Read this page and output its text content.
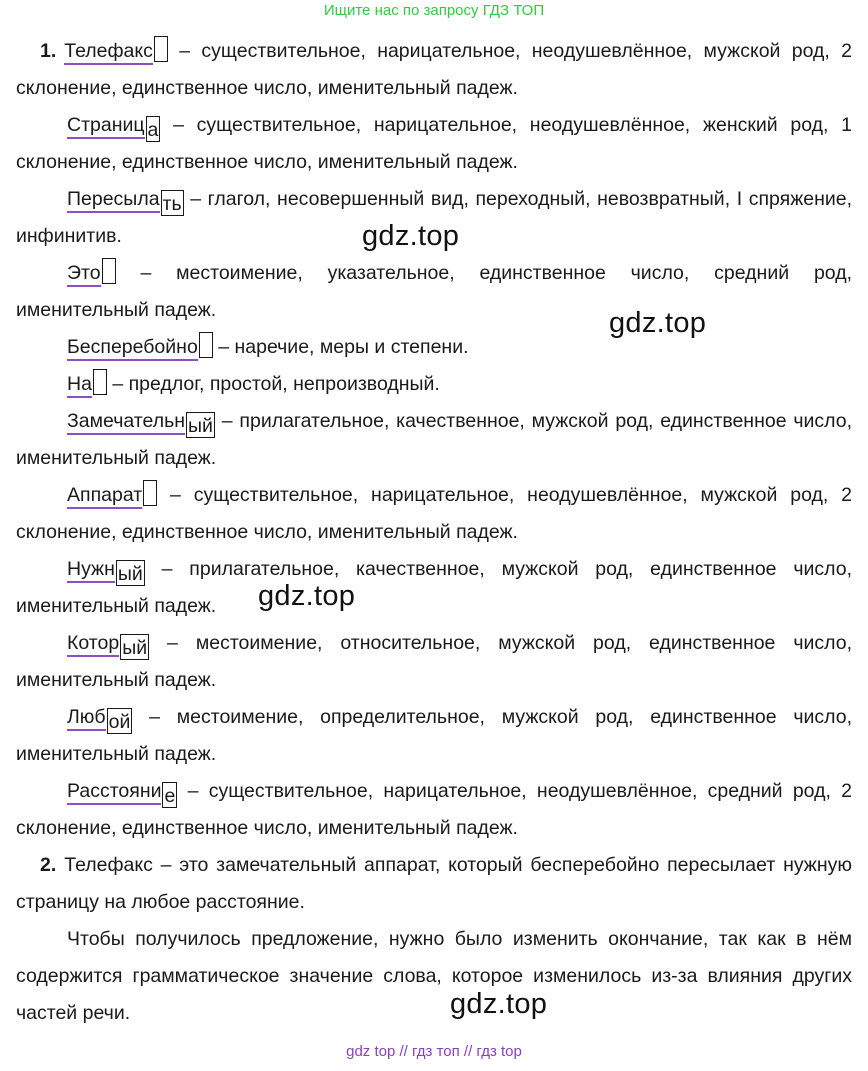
Ищите нас по запросу ГДЗ ТОП

1. Телефакс – существительное, нарицательное, неодушевлённое, мужской род, 2 склонение, единственное число, именительный падеж.

Страниц а – существительное, нарицательное, неодушевлённое, женский род, 1 склонение, единственное число, именительный падеж.

Пересыла ть – глагол, несовершенный вид, переходный, невозвратный, I спряжение, инфинитив.

Это – местоимение, указательное, единственное число, средний род, именительный падеж.

Бесперебойно – наречие, меры и степени.

На – предлог, простой, непроизводный.

Замечательн ый – прилагательное, качественное, мужской род, единственное число, именительный падеж.

Аппарат – существительное, нарицательное, неодушевлённое, мужской род, 2 склонение, единственное число, именительный падеж.

Нужн ый – прилагательное, качественное, мужской род, единственное число, именительный падеж.

Котор ый – местоимение, относительное, мужской род, единственное число, именительный падеж.

Люб ой – местоимение, определительное, мужской род, единственное число, именительный падеж.

Расстояни е – существительное, нарицательное, неодушевлённое, средний род, 2 склонение, единственное число, именительный падеж.

2. Телефакс – это замечательный аппарат, который бесперебойно пересылает нужную страницу на любое расстояние.

Чтобы получилось предложение, нужно было изменить окончание, так как в нём содержится грамматическое значение слова, которое изменилось из-за влияния других частей речи.

gdz.top
gdz.top
gdz.top
gdz.top
gdz top // гдз топ // гдз top
